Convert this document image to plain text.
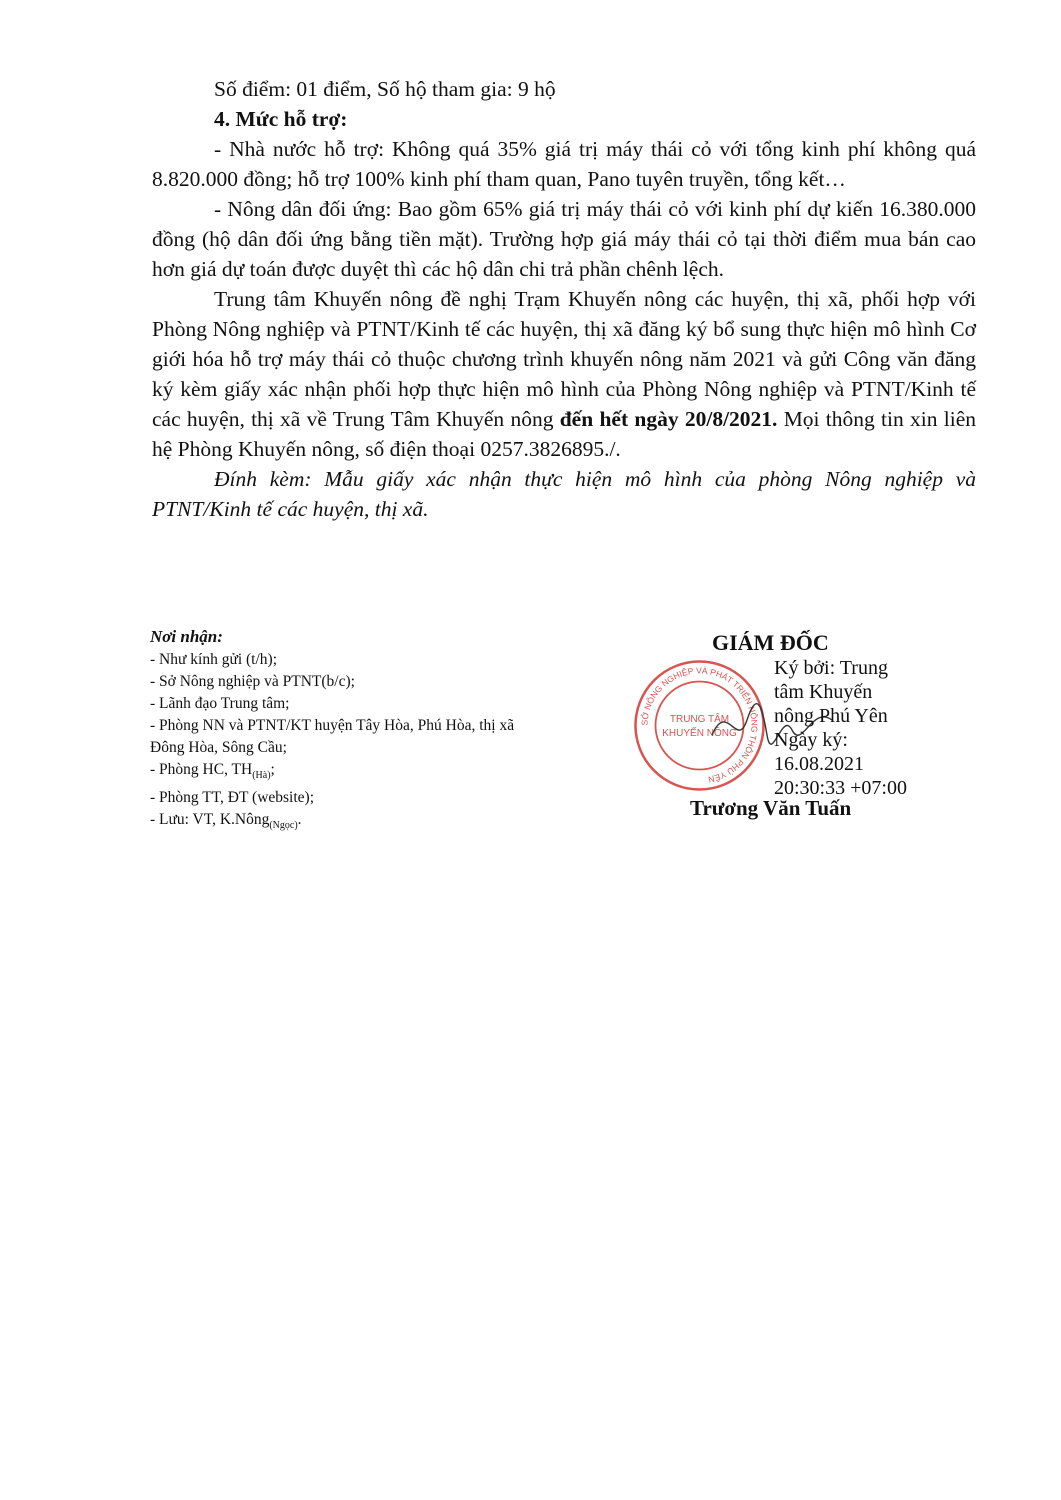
Số điểm: 01 điểm, Số hộ tham gia: 9 hộ

4. Mức hỗ trợ:

- Nhà nước hỗ trợ: Không quá 35% giá trị máy thái cỏ với tổng kinh phí không quá 8.820.000 đồng; hỗ trợ 100% kinh phí tham quan, Pano tuyên truyền, tổng kết…

- Nông dân đối ứng: Bao gồm 65% giá trị máy thái cỏ với kinh phí dự kiến 16.380.000 đồng (hộ dân đối ứng bằng tiền mặt). Trường hợp giá máy thái cỏ tại thời điểm mua bán cao hơn giá dự toán được duyệt thì các hộ dân chi trả phần chênh lệch.

Trung tâm Khuyến nông đề nghị Trạm Khuyến nông các huyện, thị xã, phối hợp với Phòng Nông nghiệp và PTNT/Kinh tế các huyện, thị xã đăng ký bổ sung thực hiện mô hình Cơ giới hóa hỗ trợ máy thái cỏ thuộc chương trình khuyến nông năm 2021 và gửi Công văn đăng ký kèm giấy xác nhận phối hợp thực hiện mô hình của Phòng Nông nghiệp và PTNT/Kinh tế các huyện, thị xã về Trung Tâm Khuyến nông đến hết ngày 20/8/2021. Mọi thông tin xin liên hệ Phòng Khuyến nông, số điện thoại 0257.3826895./.

Đính kèm: Mẫu giấy xác nhận thực hiện mô hình của phòng Nông nghiệp và PTNT/Kinh tế các huyện, thị xã.

Nơi nhận:

- Như kính gửi (t/h);

- Sở Nông nghiệp và PTNT(b/c);

- Lãnh đạo Trung tâm;

- Phòng NN và PTNT/KT huyện Tây Hòa, Phú Hòa, thị xã Đông Hòa, Sông Cầu;

- Phòng HC, $TH_{(Hà)}$;

- Phòng TT, ĐT (website);

- Lưu: VT, K.Nông$_{(Ngọc)}$.

GIÁM ĐỐC
SỞ NÔNG NGHIỆP VÀ PHÁT TRIỂN NÔNG THÔN PHÚ YÊN
TRUNG TÂM
KHUYẾN NÔNG
Ký bởi: Trung
tâm Khuyến
nông Phú Yên
Ngày ký:
16.08.2021
20:30:33 +07:00
Trương Văn Tuấn
